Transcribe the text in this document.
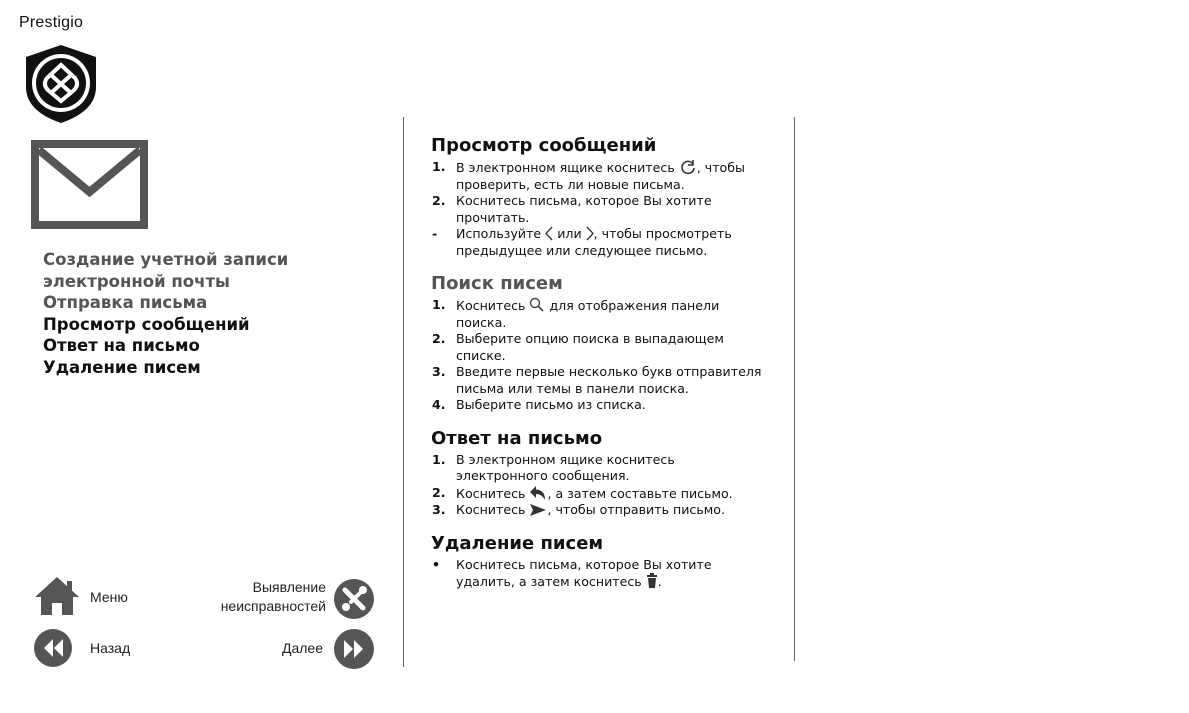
Prestigio
Создание учетной записи
электронной почты
Отправка письма
Просмотр сообщений
Ответ на письмо
Удаление писем
Меню
Назад
Выявление
неисправностей
Далее
Просмотр сообщений
1. В электронном ящике коснитесь , чтобы
проверить, есть ли новые письма.
2. Коснитесь письма, которое Вы хотите
прочитать.
- Используйте или , чтобы просмотреть
предыдущее или следующее письмо.
Поиск писем
1. Коснитесь для отображения панели
поиска.
2. Выберите опцию поиска в выпадающем
списке.
3. Введите первые несколько букв отправителя
письма или темы в панели поиска.
4. Выберите письмо из списка.
Ответ на письмо
1. В электронном ящике коснитесь
электронного сообщения.
2. Коснитесь , а затем составьте письмо.
3. Коснитесь , чтобы отправить письмо.
Удаление писем
• Коснитесь письма, которое Вы хотите
удалить, а затем коснитесь .
